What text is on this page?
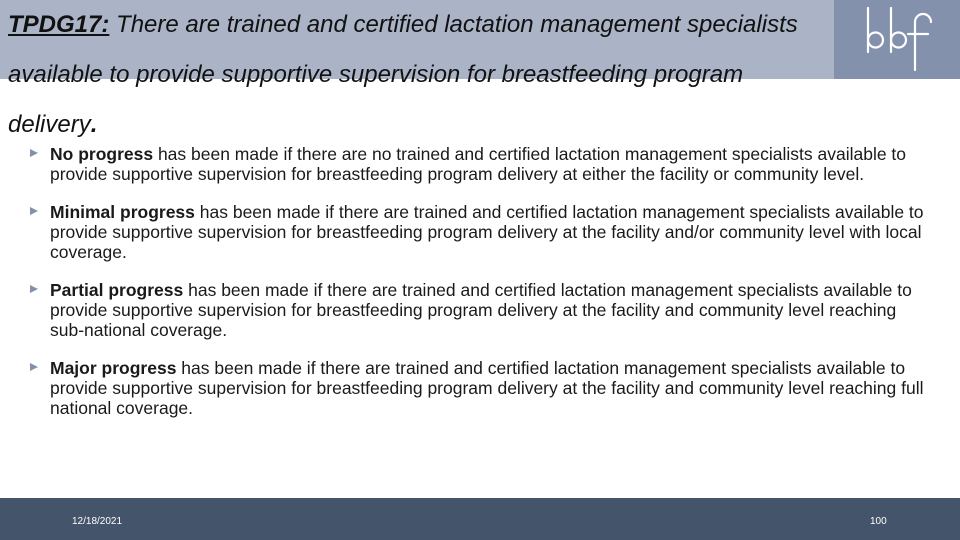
TPDG17: There are trained and certified lactation management specialists available to provide supportive supervision for breastfeeding program delivery.
No progress has been made if there are no trained and certified lactation management specialists available to provide supportive supervision for breastfeeding program delivery at either the facility or community level.
Minimal progress has been made if there are trained and certified lactation management specialists available to provide supportive supervision for breastfeeding program delivery at the facility and/or community level with local coverage.
Partial progress has been made if there are trained and certified lactation management specialists available to provide supportive supervision for breastfeeding program delivery at the facility and community level reaching sub-national coverage.
Major progress has been made if there are trained and certified lactation management specialists available to provide supportive supervision for breastfeeding program delivery at the facility and community level reaching full national coverage.
12/18/2021	100
